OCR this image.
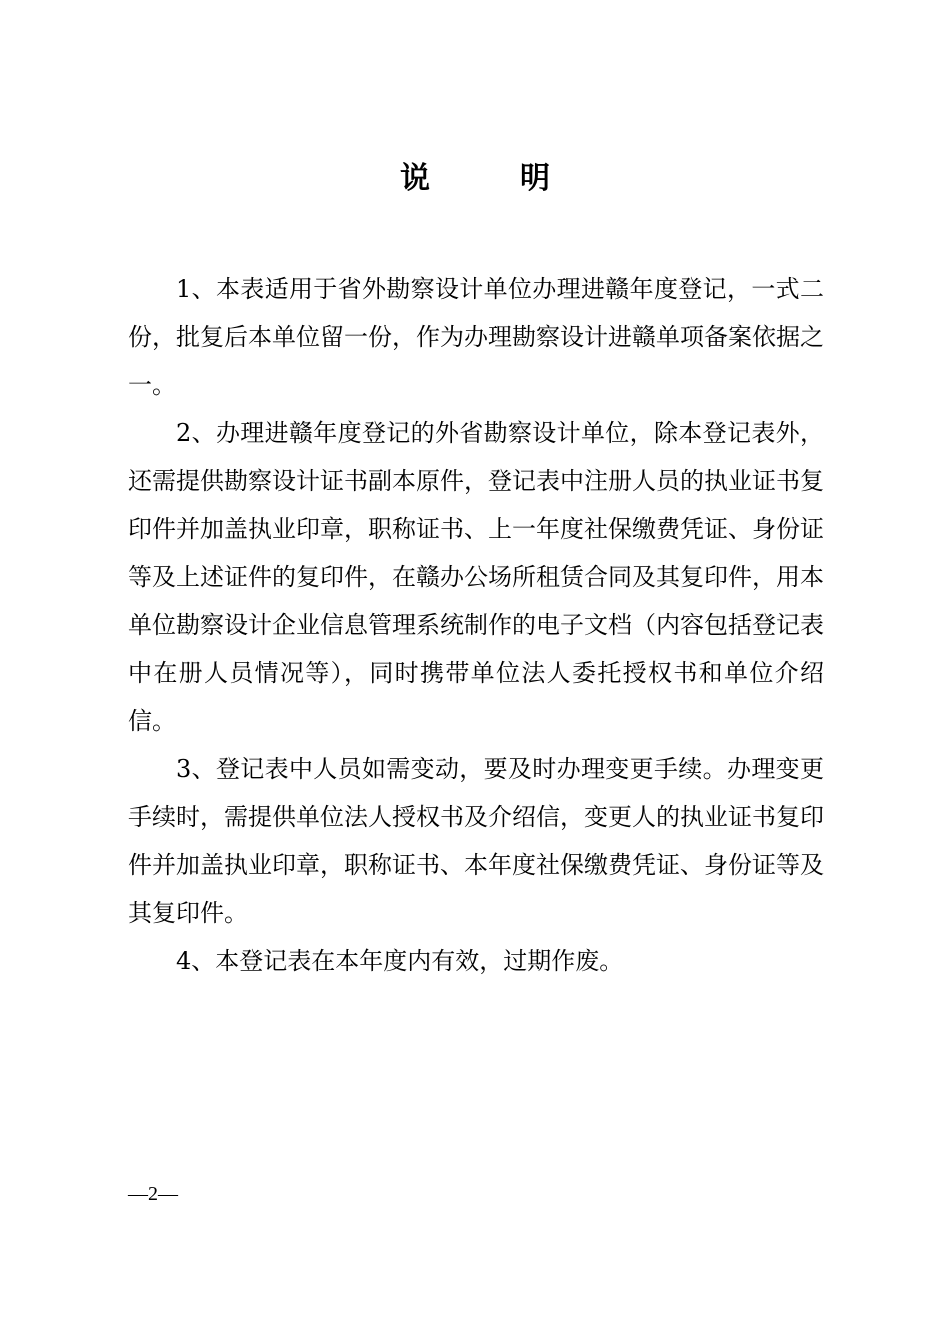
说　　　明

1、本表适用于省外勘察设计单位办理进赣年度登记，一式二份，批复后本单位留一份，作为办理勘察设计进赣单项备案依据之一。

2、办理进赣年度登记的外省勘察设计单位，除本登记表外，还需提供勘察设计证书副本原件，登记表中注册人员的执业证书复印件并加盖执业印章，职称证书、上一年度社保缴费凭证、身份证等及上述证件的复印件，在赣办公场所租赁合同及其复印件，用本单位勘察设计企业信息管理系统制作的电子文档（内容包括登记表中在册人员情况等），同时携带单位法人委托授权书和单位介绍信。

3、登记表中人员如需变动，要及时办理变更手续。办理变更手续时，需提供单位法人授权书及介绍信，变更人的执业证书复印件并加盖执业印章，职称证书、本年度社保缴费凭证、身份证等及其复印件。

4、本登记表在本年度内有效，过期作废。

—2—
